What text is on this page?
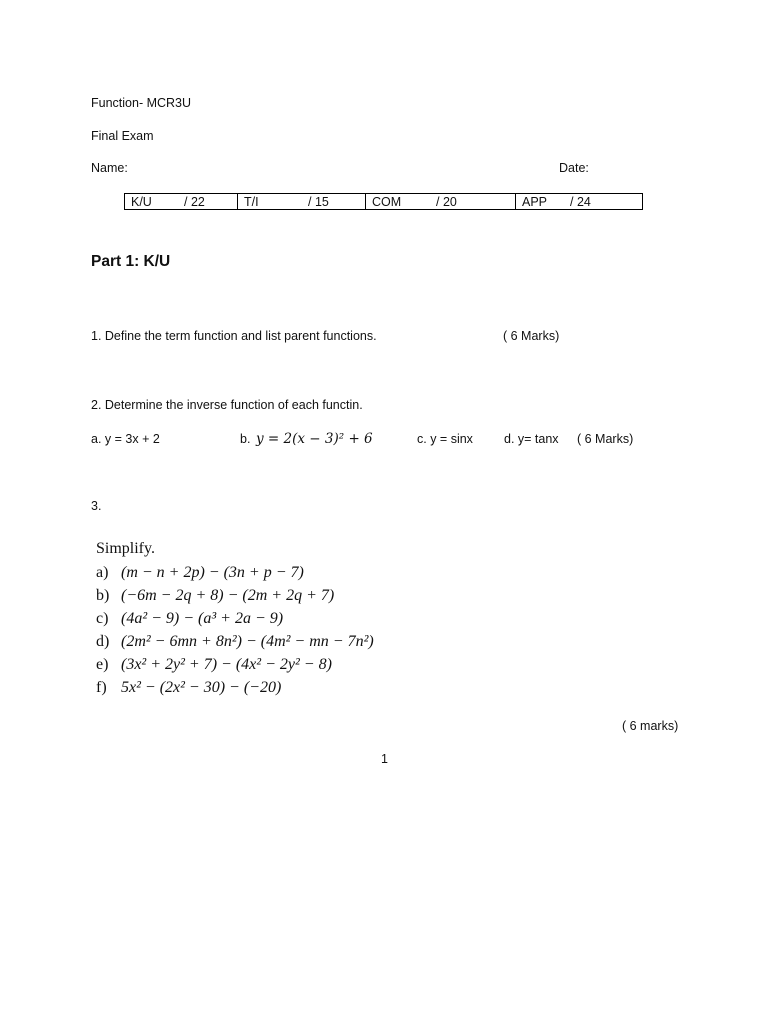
Function- MCR3U
Final Exam
Name:	Date:
K/U	/ 22	T/I	/ 15	COM	/ 20	APP / 24
Part 1: K/U
1. Define the term function and list parent functions.	( 6 Marks)
2. Determine the inverse function of each functin.
a. y = 3x + 2	b. y = 2(x − 3)² + 6	c. y = sinx d. y= tanx ( 6 Marks)
3.
Simplify.
a) (m − n + 2p) − (3n + p − 7)
b) (−6m − 2q + 8) − (2m + 2q + 7)
c) (4a² − 9) − (a³ + 2a − 9)
d) (2m² − 6mn + 8n²) − (4m² − mn − 7n²)
e) (3x² + 2y² + 7) − (4x² − 2y² − 8)
f) 5x² − (2x² − 30) − (−20)
( 6 marks)
1
